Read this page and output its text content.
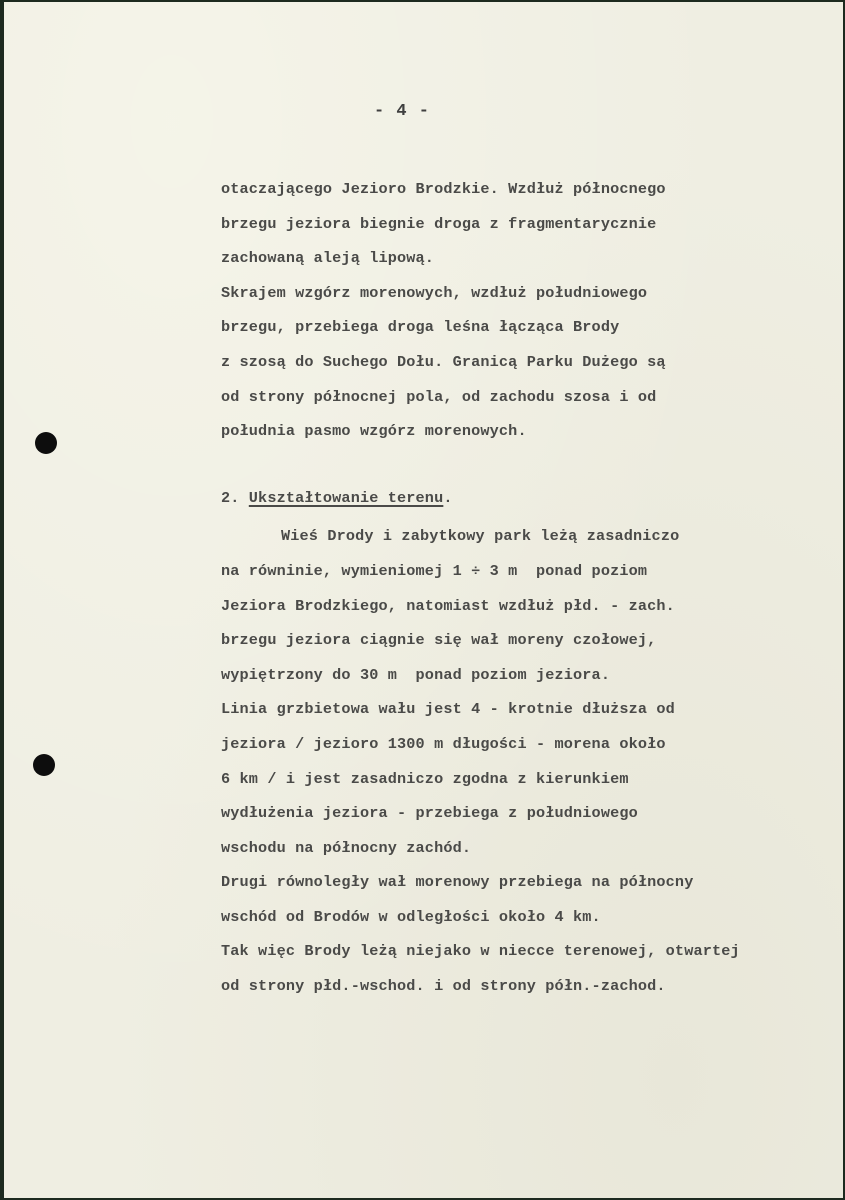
- 4 -
otaczającego Jezioro Brodzkie. Wzdłuż północnego
brzegu jeziora biegnie droga z fragmentarycznie
zachowaną aleją lipową.
Skrajem wzgórz morenowych, wzdłuż południowego
brzegu, przebiega droga leśna łącząca Brody
z szosą do Suchego Dołu. Granicą Parku Dużego są
od strony północnej pola, od zachodu szosa i od
południa pasmo wzgórz morenowych.
2. Ukształtowanie terenu.
Wieś Drody i zabytkowy park leżą zasadniczo
na równinie, wymieniomej 1 ÷ 3 m  ponad poziom
Jeziora Brodzkiego, natomiast wzdłuż płd. - zach.
brzegu jeziora ciągnie się wał moreny czołowej,
wypiętrzony do 30 m  ponad poziom jeziora.
Linia grzbietowa wału jest 4 - krotnie dłuższa od
jeziora / jezioro 1300 m długości - morena około
6 km / i jest zasadniczo zgodna z kierunkiem
wydłużenia jeziora - przebiega z południowego
wschodu na północny zachód.
Drugi równoległy wał morenowy przebiega na północny
wschód od Brodów w odległości około 4 km.
Tak więc Brody leżą niejako w niecce terenowej, otwartej
od strony płd.-wschod. i od strony półn.-zachod.
